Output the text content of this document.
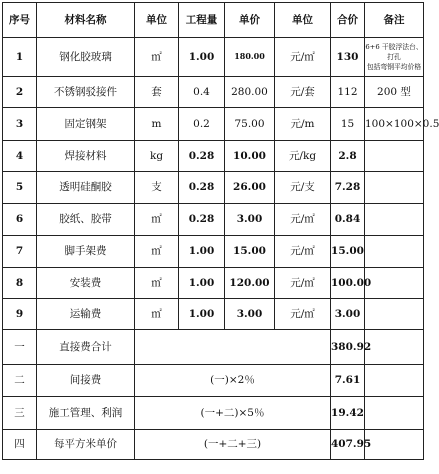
序号	材料名称	单位	工程量	单价	单位	合价	备注
1	钢化胶玻璃	㎡	1.00	180.00	元/㎡	130	6+6 干胶浮法台、 打孔
包括弯钢平均价格

2	不锈钢驳接件	套	0.4	280.00	元/套	112	200 型
3	固定钢架	m	0.2	75.00	元/m	15	100×100×0.5
4	焊接材料	kg	0.28	10.00	元/kg	2.8	
5	透明硅酮胶	支	0.28	26.00	元/支	7.28	
6	胶纸、胶带	㎡	0.28	3.00	元/㎡	0.84	
7	脚手架费	㎡	1.00	15.00	元/㎡	15.00	
8	安装费	㎡	1.00	120.00	元/㎡	100.00	
9	运输费	㎡	1.00	3.00	元/㎡	3.00	
一	直接费合计					380.92	
二	间接费	(一)×2％				7.61	
三	施工管理、利润	(一+二)×5％				19.42	
四	每平方米单价	(一+二+三)				407.95	
